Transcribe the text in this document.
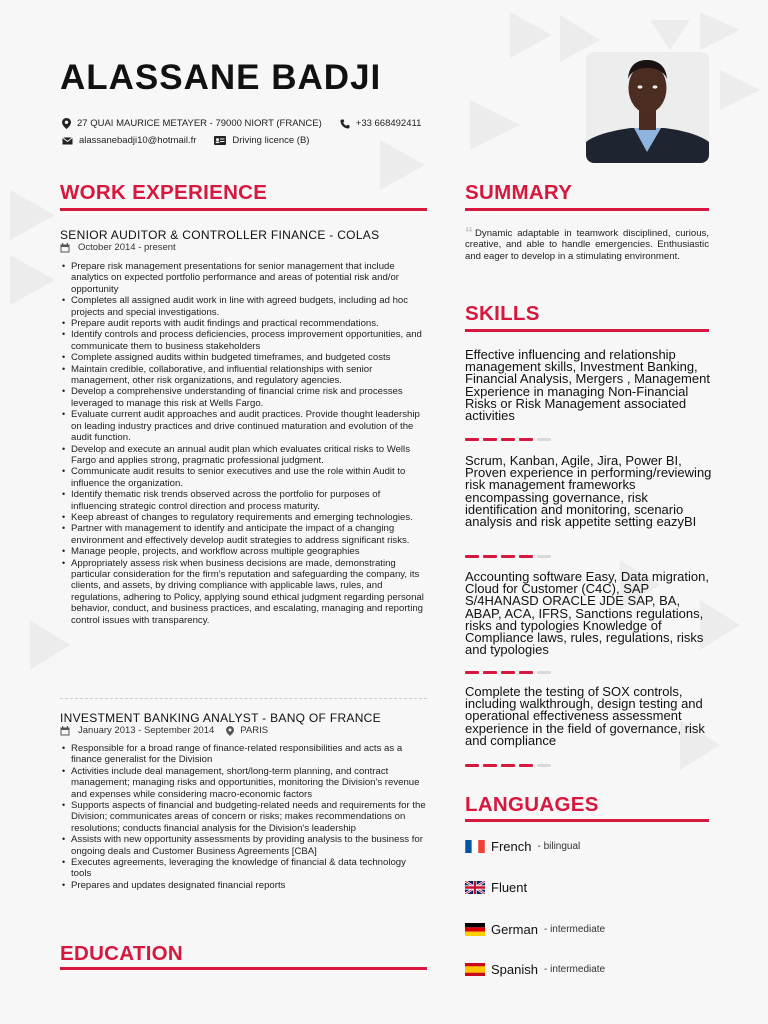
ALASSANE BADJI
27 QUAI MAURICE METAYER - 79000 NIORT (FRANCE)	+33 668492411
alassanebadji10@hotmail.fr	Driving licence (B)
WORK EXPERIENCE
SENIOR AUDITOR & CONTROLLER FINANCE - COLAS
October 2014 - present
• Prepare risk management presentations for senior management that include analytics on expected portfolio performance and areas of potential risk and/or opportunity
• Completes all assigned audit work in line with agreed budgets, including ad hoc projects and special investigations.
• Prepare audit reports with audit findings and practical recommendations.
• Identify controls and process deficiencies, process improvement opportunities, and communicate them to business stakeholders
• Complete assigned audits within budgeted timeframes, and budgeted costs
• Maintain credible, collaborative, and influential relationships with senior management, other risk organizations, and regulatory agencies.
• Develop a comprehensive understanding of financial crime risk and processes leveraged to manage this risk at Wells Fargo.
• Evaluate current audit approaches and audit practices. Provide thought leadership on leading industry practices and drive continued maturation and evolution of the audit function.
• Develop and execute an annual audit plan which evaluates critical risks to Wells Fargo and applies strong, pragmatic professional judgment.
• Communicate audit results to senior executives and use the role within Audit to influence the organization.
• Identify thematic risk trends observed across the portfolio for purposes of influencing strategic control direction and process maturity.
• Keep abreast of changes to regulatory requirements and emerging technologies.
• Partner with management to identify and anticipate the impact of a changing environment and effectively develop audit strategies to address significant risks.
• Manage people, projects, and workflow across multiple geographies
• Appropriately assess risk when business decisions are made, demonstrating particular consideration for the firm's reputation and safeguarding the company, its clients, and assets, by driving compliance with applicable laws, rules, and regulations, adhering to Policy, applying sound ethical judgment regarding personal behavior, conduct, and business practices, and escalating, managing and reporting control issues with transparency.
INVESTMENT BANKING ANALYST - BANQ OF FRANCE
January 2013 - September 2014	PARIS
• Responsible for a broad range of finance-related responsibilities and acts as a finance generalist for the Division
• Activities include deal management, short/long-term planning, and contract management; managing risks and opportunities, monitoring the Division's revenue and expenses while considering macro-economic factors
• Supports aspects of financial and budgeting-related needs and requirements for the Division; communicates areas of concern or risks; makes recommendations on resolutions; conducts financial analysis for the Division's leadership
• Assists with new opportunity assessments by providing analysis to the business for ongoing deals and Customer Business Agreements [CBA]
• Executes agreements, leveraging the knowledge of financial & data technology tools
• Prepares and updates designated financial reports
EDUCATION
SUMMARY
“ Dynamic adaptable in teamwork disciplined, curious, creative, and able to handle emergencies. Enthusiastic and eager to develop in a stimulating environment.
SKILLS
Effective influencing and relationship management skills, Investment Banking, Financial Analysis, Mergers , Management Experience in managing Non-Financial Risks or Risk Management associated activities
Scrum, Kanban, Agile, Jira, Power BI, Proven experience in performing/reviewing risk management frameworks encompassing governance, risk identification and monitoring, scenario analysis and risk appetite setting eazyBI
Accounting software Easy, Data migration, Cloud for Customer (C4C), SAP S/4HANASD ORACLE JDE SAP, BA, ABAP, ACA, IFRS, Sanctions regulations, risks and typologies Knowledge of Compliance laws, rules, regulations, risks and typologies
Complete the testing of SOX controls, including walkthrough, design testing and operational effectiveness assessment experience in the field of governance, risk and compliance
LANGUAGES
French - bilingual
Fluent
German - intermediate
Spanish - intermediate
